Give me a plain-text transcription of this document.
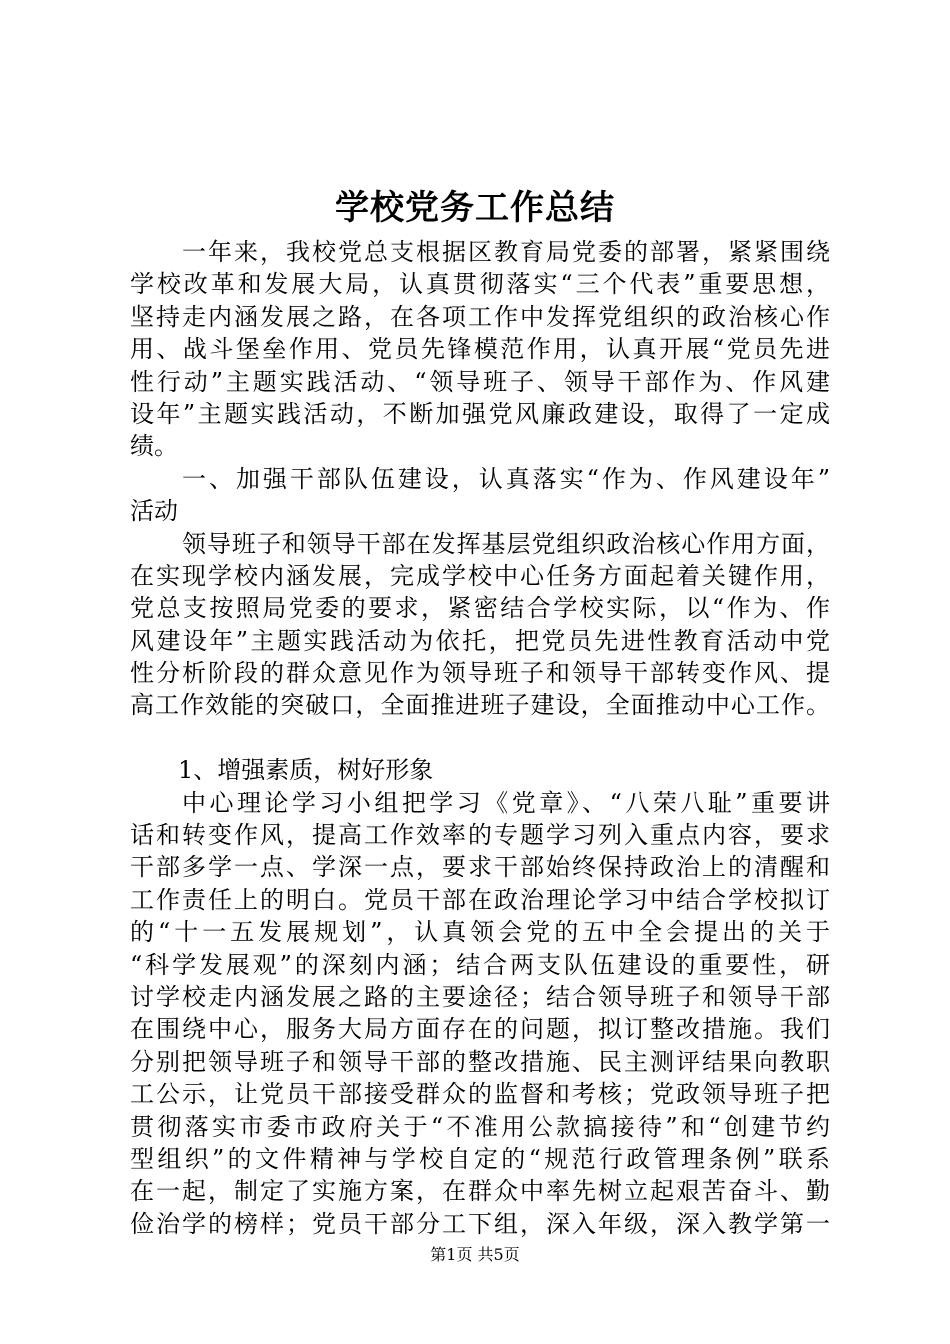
学校党务工作总结
一年来，我校党总支根据区教育局党委的部署，紧紧围绕
学校改革和发展大局，认真贯彻落实“三个代表”重要思想，
坚持走内涵发展之路，在各项工作中发挥党组织的政治核心作
用、战斗堡垒作用、党员先锋模范作用，认真开展“党员先进
性行动”主题实践活动、“领导班子、领导干部作为、作风建
设年”主题实践活动，不断加强党风廉政建设，取得了一定成
绩。
一、加强干部队伍建设，认真落实“作为、作风建设年”
活动
领导班子和领导干部在发挥基层党组织政治核心作用方面，
在实现学校内涵发展，完成学校中心任务方面起着关键作用，
党总支按照局党委的要求，紧密结合学校实际，以“作为、作
风建设年”主题实践活动为依托，把党员先进性教育活动中党
性分析阶段的群众意见作为领导班子和领导干部转变作风、提
高工作效能的突破口，全面推进班子建设，全面推动中心工作。
1、增强素质，树好形象
中心理论学习小组把学习《党章》、“八荣八耻”重要讲
话和转变作风，提高工作效率的专题学习列入重点内容，要求
干部多学一点、学深一点，要求干部始终保持政治上的清醒和
工作责任上的明白。党员干部在政治理论学习中结合学校拟订
的“十一五发展规划”，认真领会党的五中全会提出的关于
“科学发展观”的深刻内涵；结合两支队伍建设的重要性，研
讨学校走内涵发展之路的主要途径；结合领导班子和领导干部
在围绕中心，服务大局方面存在的问题，拟订整改措施。我们
分别把领导班子和领导干部的整改措施、民主测评结果向教职
工公示，让党员干部接受群众的监督和考核；党政领导班子把
贯彻落实市委市政府关于“不准用公款搞接待”和“创建节约
型组织”的文件精神与学校自定的“规范行政管理条例”联系
在一起，制定了实施方案，在群众中率先树立起艰苦奋斗、勤
俭治学的榜样；党员干部分工下组，深入年级，深入教学第一
第1页 共5页
